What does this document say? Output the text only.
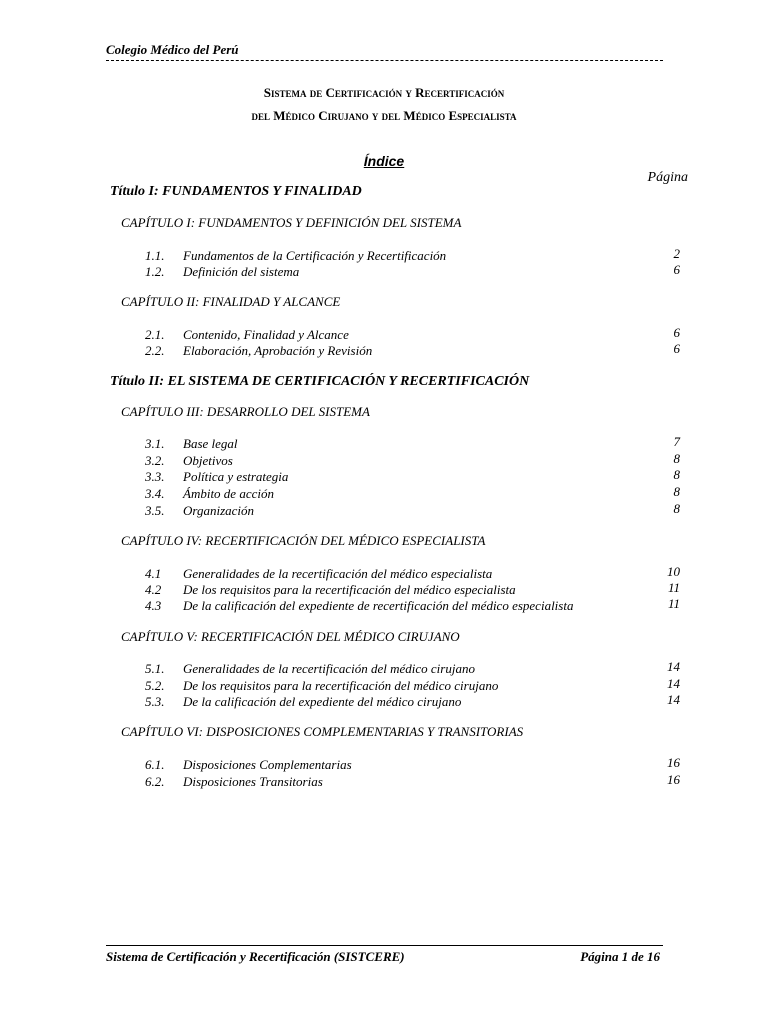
Colegio Médico del Perú
Sistema de Certificación y Recertificación
del Médico Cirujano y del Médico Especialista
Índice
Página
Título I: FUNDAMENTOS Y FINALIDAD
CAPÍTULO I: FUNDAMENTOS Y DEFINICIÓN DEL SISTEMA
1.1. Fundamentos de la Certificación y Recertificación	2
1.2. Definición del sistema	6
CAPÍTULO II: FINALIDAD Y ALCANCE
2.1. Contenido, Finalidad y Alcance	6
2.2. Elaboración, Aprobación y Revisión	6
Título II: EL SISTEMA DE CERTIFICACIÓN Y RECERTIFICACIÓN
CAPÍTULO III: DESARROLLO DEL SISTEMA
3.1. Base legal	7
3.2. Objetivos	8
3.3. Política y estrategia	8
3.4. Ámbito de acción	8
3.5. Organización	8
CAPÍTULO IV: RECERTIFICACIÓN DEL MÉDICO ESPECIALISTA
4.1 Generalidades de la recertificación del médico especialista	10
4.2 De los requisitos para la recertificación del médico especialista	11
4.3 De la calificación del expediente de recertificación del médico especialista	11
CAPÍTULO V: RECERTIFICACIÓN DEL MÉDICO CIRUJANO
5.1. Generalidades de la recertificación del médico cirujano	14
5.2. De los requisitos para la recertificación del médico cirujano	14
5.3. De la calificación del expediente del médico cirujano	14
CAPÍTULO VI: DISPOSICIONES COMPLEMENTARIAS Y TRANSITORIAS
6.1. Disposiciones Complementarias	16
6.2. Disposiciones Transitorias	16
Sistema de Certificación y Recertificación (SISTCERE)	Página 1 de 16
